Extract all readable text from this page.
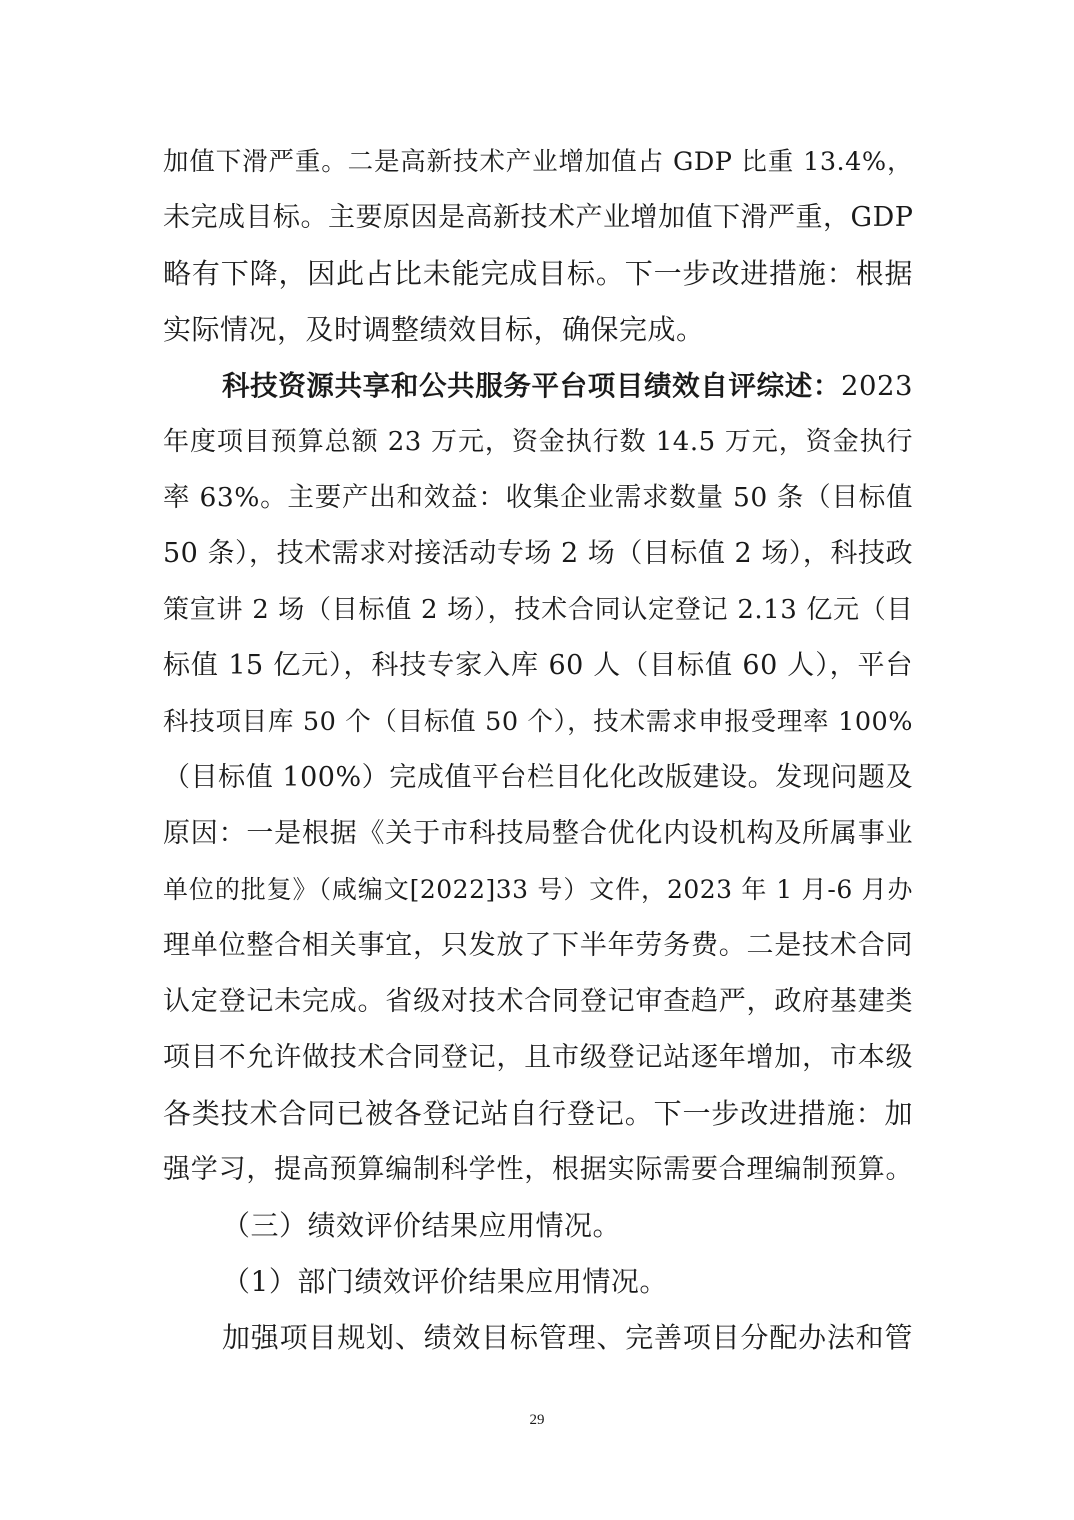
加值下滑严重。二是高新技术产业增加值占 GDP 比重 13.4%，
未完成目标。主要原因是高新技术产业增加值下滑严重，GDP
略有下降，因此占比未能完成目标。下一步改进措施：根据
实际情况，及时调整绩效目标，确保完成。
科技资源共享和公共服务平台项目绩效自评综述：2023
年度项目预算总额 23 万元，资金执行数 14.5 万元，资金执行
率 63%。主要产出和效益：收集企业需求数量 50 条（目标值
50 条），技术需求对接活动专场 2 场（目标值 2 场），科技政
策宣讲 2 场（目标值 2 场），技术合同认定登记 2.13 亿元（目
标值 15 亿元），科技专家入库 60 人（目标值 60 人），平台
科技项目库 50 个（目标值 50 个），技术需求申报受理率 100%
（目标值 100%）完成值平台栏目化化改版建设。发现问题及
原因：一是根据《关于市科技局整合优化内设机构及所属事业
单位的批复》（咸编文[2022]33 号）文件，2023 年 1 月-6 月办
理单位整合相关事宜，只发放了下半年劳务费。二是技术合同
认定登记未完成。省级对技术合同登记审查趋严，政府基建类
项目不允许做技术合同登记，且市级登记站逐年增加，市本级
各类技术合同已被各登记站自行登记。下一步改进措施：加
强学习，提高预算编制科学性，根据实际需要合理编制预算。
（三）绩效评价结果应用情况。
（1）部门绩效评价结果应用情况。
加强项目规划、绩效目标管理、完善项目分配办法和管
29
